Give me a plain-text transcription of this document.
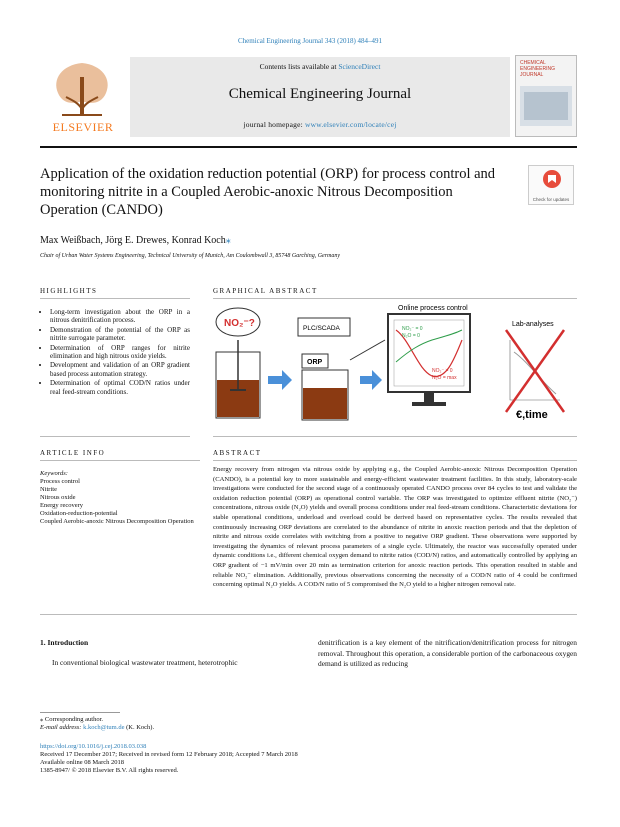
Chemical Engineering Journal 343 (2018) 484–491
ELSEVIER
Contents lists available at ScienceDirect
Chemical Engineering Journal
journal homepage: www.elsevier.com/locate/cej
CHEMICAL ENGINEERING JOURNAL
Application of the oxidation reduction potential (ORP) for process control and monitoring nitrite in a Coupled Aerobic-anoxic Nitrous Decomposition Operation (CANDO)
Check for updates
Max Weißbach, Jörg E. Drewes, Konrad Koch⁎
Chair of Urban Water Systems Engineering, Technical University of Munich, Am Coulombwall 3, 85748 Garching, Germany
HIGHLIGHTS	GRAPHICAL ABSTRACT
• Long-term investigation about the ORP in a nitrous denitrification process.
• Demonstration of the potential of the ORP as nitrite surrogate parameter.
• Determination of ORP ranges for nitrite elimination and high nitrous oxide yields.
• Development and validation of an ORP gradient based process automation strategy.
• Determination of optimal COD/N ratios under real feed-stream conditions.
NO₂⁻?	PLC/SCADA
ORP
Online process control
NO₂⁻ = 0
N₂O = 0
NO₂⁻ > 0
N₂O = max
Lab-analyses
€,time
ARTICLE INFO	ABSTRACT
Keywords:
Process control
Nitrite
Nitrous oxide
Energy recovery
Oxidation-reduction-potential
Coupled Aerobic-anoxic Nitrous Decomposition Operation
Energy recovery from nitrogen via nitrous oxide by applying e.g., the Coupled Aerobic-anoxic Nitrous Decomposition Operation (CANDO), is a potential key to more sustainable and energy-efficient wastewater treatment facilities. In this study, laboratory-scale investigations were conducted for the second stage of a continuously operated CANDO process over 84 cycles to test and validate the oxidation reduction potential (ORP) as operational control variable. The ORP was investigated to optimize effluent nitrite (NO₂⁻) concentrations, nitrous oxide (N₂O) yields and overall process conditions under real feed-stream conditions. Characteristic deviations for stable operational conditions, underload and overload could be derived based on representative cycles. The results revealed that continuously increasing ORP deviations are correlated to the abundance of nitrite in anoxic reaction periods and that the depletion of nitrite and nitrous oxide correlates with switching from a positive to negative ORP gradient. These observations were supported by investigating the dynamics of relevant process parameters of a single cycle. Ultimately, the reactor was successfully operated under dynamic conditions i.e., different chemical oxygen demand to nitrite ratios (COD/N) ratios, and automatically controlled by applying an ORP gradient of −1 mV/min over 20 min as termination criterion for anoxic reaction periods. This operation resulted in stable and reliable NO₂⁻ elimination. Additionally, previous observations concerning the necessity of a COD/N ratio of 4 could be confirmed concerning optimal N₂O yields. A COD/N ratio of 5 compromised the N₂O yield to a higher nitrogen removal rate.
1. Introduction
In conventional biological wastewater treatment, heterotrophic
denitrification is a key element of the nitrification/denitrification process for nitrogen removal. Throughout this operation, a considerable portion of the carbonaceous oxygen demand is utilized as reducing
⁎ Corresponding author.
E-mail address: k.koch@tum.de (K. Koch).
https://doi.org/10.1016/j.cej.2018.03.038
Received 17 December 2017; Received in revised form 12 February 2018; Accepted 7 March 2018
Available online 08 March 2018
1385-8947/ © 2018 Elsevier B.V. All rights reserved.
